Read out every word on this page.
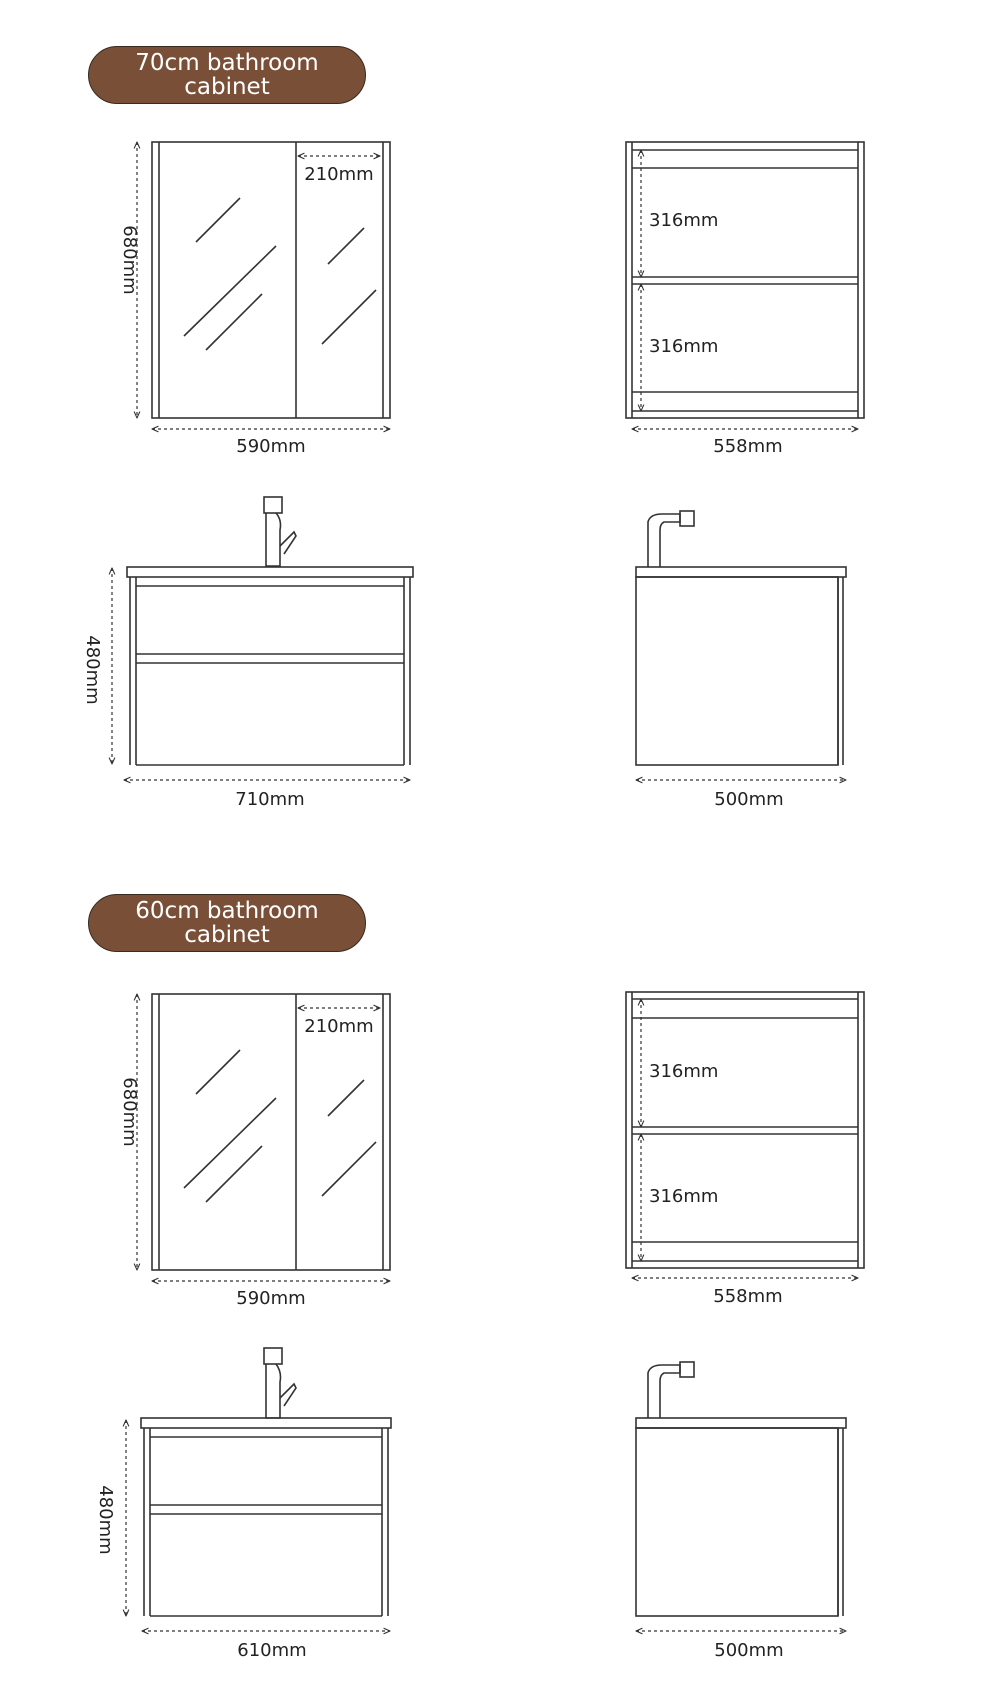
70cm bathroom
cabinet
60cm bathroom
cabinet
680mm
210mm
590mm
316mm
316mm
558mm
480mm
710mm	500mm
680mm
210mm
590mm
316mm
316mm
558mm
480mm
610mm	500mm
